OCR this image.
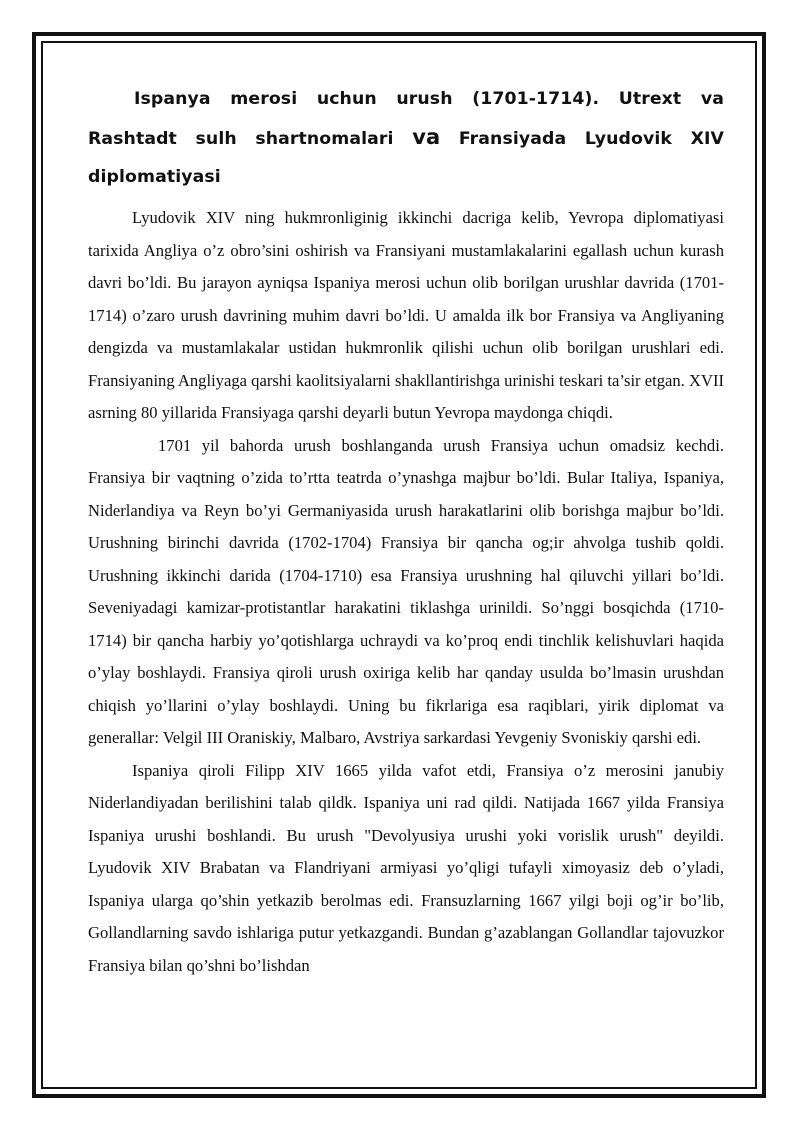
Ispanya merosi uchun urush (1701-1714). Utrext va Rashtadt sulh shartnomalari va Fransiyada Lyudovik XIV diplomatiyasi

Lyudovik XIV ning hukmronliginig ikkinchi dacriga kelib, Yevropa diplomatiyasi tarixida Angliya o’z obro’sini oshirish va Fransiyani mustamlakalarini egallash uchun kurash davri bo’ldi. Bu jarayon ayniqsa Ispaniya merosi uchun olib borilgan urushlar davrida (1701-1714) o’zaro urush davrining muhim davri bo’ldi. U amalda ilk bor Fransiya va Angliyaning dengizda va mustamlakalar ustidan hukmronlik qilishi uchun olib borilgan urushlari edi. Fransiyaning Angliyaga qarshi kaolitsiyalarni shakllantirishga urinishi teskari ta’sir etgan. XVII asrning 80 yillarida Fransiyaga qarshi deyarli butun Yevropa maydonga chiqdi.

1701 yil bahorda urush boshlanganda urush Fransiya uchun omadsiz kechdi. Fransiya bir vaqtning o’zida to’rtta teatrda o’ynashga majbur bo’ldi. Bular Italiya, Ispaniya, Niderlandiya va Reyn bo’yi Germaniyasida urush harakatlarini olib borishga majbur bo’ldi. Urushning birinchi davrida (1702-1704) Fransiya bir qancha og;ir ahvolga tushib qoldi. Urushning ikkinchi darida (1704-1710) esa Fransiya urushning hal qiluvchi yillari bo’ldi. Seveniyadagi kamizar-protistantlar harakatini tiklashga urinildi. So’nggi bosqichda (1710-1714) bir qancha harbiy yo’qotishlarga uchraydi va ko’proq endi tinchlik kelishuvlari haqida o’ylay boshlaydi. Fransiya qiroli urush oxiriga kelib har qanday usulda bo’lmasin urushdan chiqish yo’llarini o’ylay boshlaydi. Uning bu fikrlariga esa raqiblari, yirik diplomat va generallar: Velgil III Oraniskiy, Malbaro, Avstriya sarkardasi Yevgeniy Svoniskiy qarshi edi.

Ispaniya qiroli Filipp XIV 1665 yilda vafot etdi, Fransiya o’z merosini janubiy Niderlandiyadan berilishini talab qildk. Ispaniya uni rad qildi. Natijada 1667 yilda Fransiya Ispaniya urushi boshlandi. Bu urush "Devolyusiya urushi yoki vorislik urush" deyildi. Lyudovik XIV Brabatan va Flandriyani armiyasi yo’qligi tufayli ximoyasiz deb o’yladi, Ispaniya ularga qo’shin yetkazib berolmas edi. Fransuzlarning 1667 yilgi boji og’ir bo’lib, Gollandlarning savdo ishlariga putur yetkazgandi. Bundan g’azablangan Gollandlar tajovuzkor Fransiya bilan qo’shni bo’lishdan
